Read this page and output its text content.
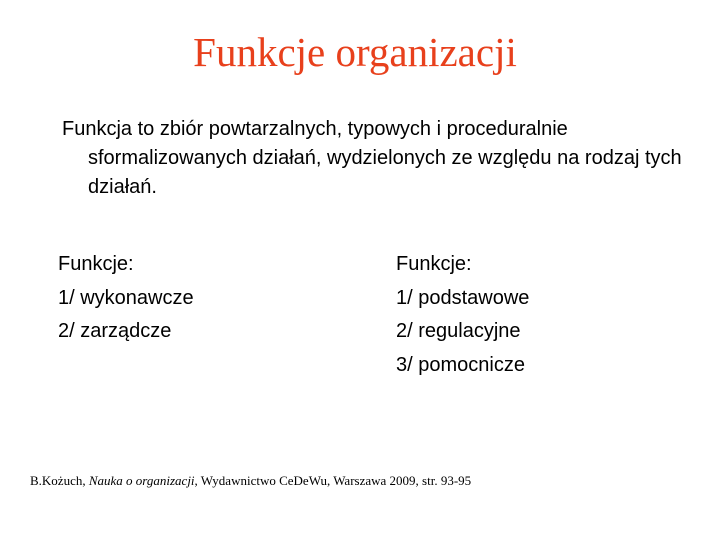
Funkcje organizacji
Funkcja to zbiór powtarzalnych, typowych i proceduralnie sformalizowanych działań, wydzielonych ze względu na rodzaj tych działań.
Funkcje:
1/ wykonawcze
2/ zarządcze
Funkcje:
1/ podstawowe
2/ regulacyjne
3/ pomocnicze
B.Kożuch, Nauka o organizacji, Wydawnictwo CeDeWu, Warszawa 2009, str. 93-95
